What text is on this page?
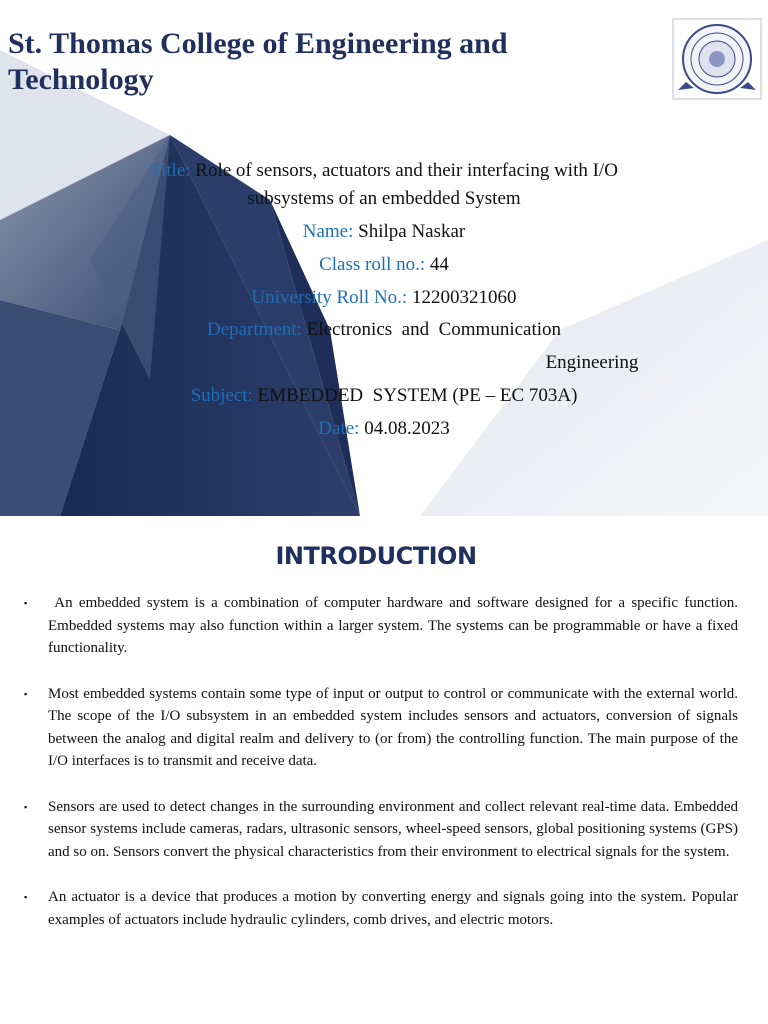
St. Thomas College of Engineering and Technology
Title: Role of sensors, actuators and their interfacing with I/O
subsystems of an embedded System
Name: Shilpa Naskar
Class roll no.: 44
University Roll No.: 12200321060
Department: Electronics  and  Communication
Engineering
Subject: EMBEDDED  SYSTEM (PE – EC 703A)
Date: 04.08.2023
INTRODUCTION
▪ An embedded system is a combination of computer hardware and software designed for a specific function. Embedded systems may also function within a larger system. The systems can be programmable or have a fixed functionality.
▪ Most embedded systems contain some type of input or output to control or communicate with the external world. The scope of the I/O subsystem in an embedded system includes sensors and actuators, conversion of signals between the analog and digital realm and delivery to (or from) the controlling function. The main purpose of the I/O interfaces is to transmit and receive data.
▪ Sensors are used to detect changes in the surrounding environment and collect relevant real-time data. Embedded sensor systems include cameras, radars, ultrasonic sensors, wheel-speed sensors, global positioning systems (GPS) and so on. Sensors convert the physical characteristics from their environment to electrical signals for the system.
▪ An actuator is a device that produces a motion by converting energy and signals going into the system. Popular examples of actuators include hydraulic cylinders, comb drives, and electric motors.
